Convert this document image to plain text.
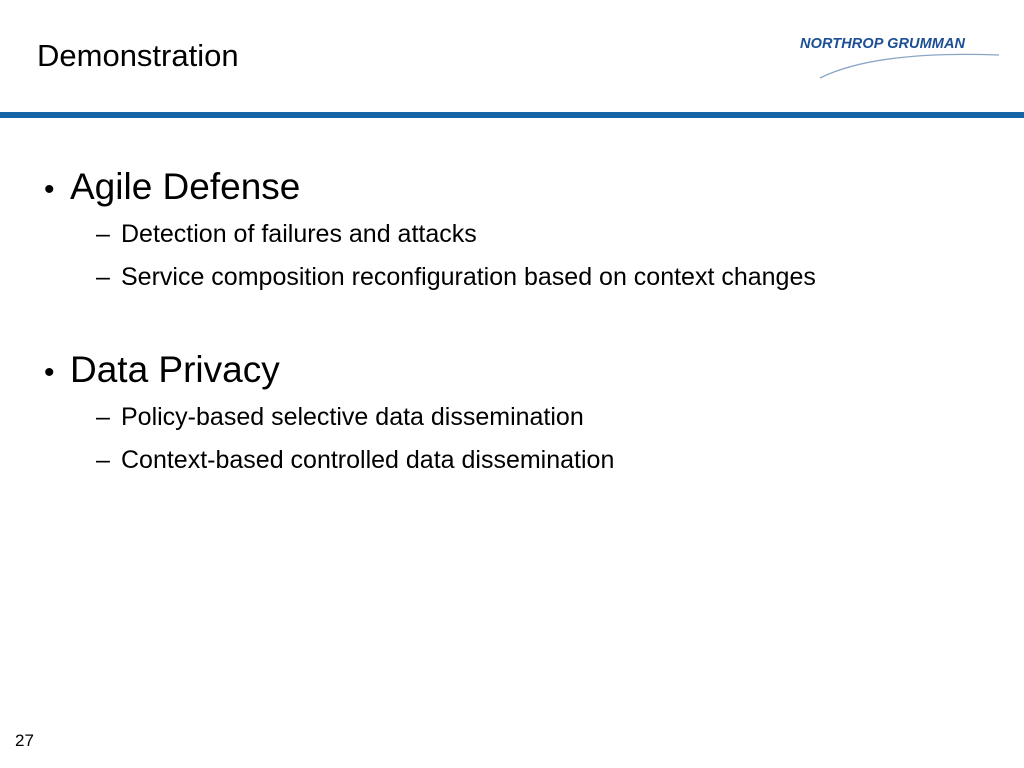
Demonstration	NORTHROP GRUMMAN
• Agile Defense
– Detection of failures and attacks
– Service composition reconfiguration based on context changes
• Data Privacy
– Policy-based selective data dissemination
– Context-based controlled data dissemination
27
